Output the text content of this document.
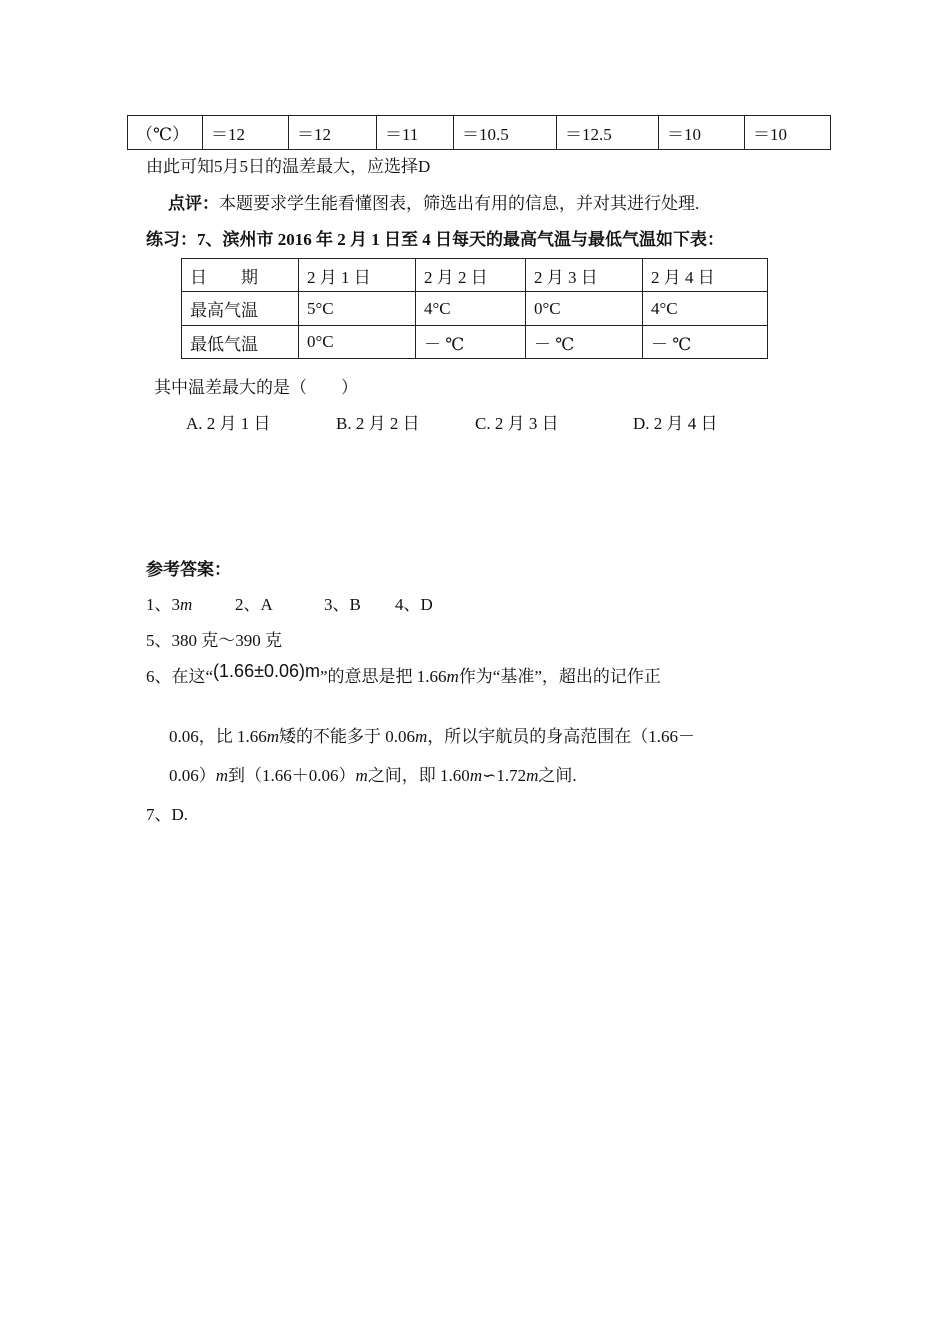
（℃）	＝12	＝12	＝11	＝10.5	＝12.5	＝10	＝10
由此可知5月5日的温差最大，应选择D
点评：本题要求学生能看懂图表，筛选出有用的信息，并对其进行处理.
练习：7、滨州市 2016 年 2 月 1 日至 4 日每天的最高气温与最低气温如下表：
日　　期	2 月 1 日	2 月 2 日	2 月 3 日	2 月 4 日
最高气温	5°C	4°C	0°C	4°C
最低气温	0°C	－ ℃	－ ℃	－ ℃
其中温差最大的是（　　）
A. 2 月 1 日	B. 2 月 2 日	C. 2 月 3 日	D. 2 月 4 日
参考答案：
1、3m	2、A	3、B 4、D
5、380 克～390 克
6、在这“(1.66±0.06)m”的意思是把 1.66m作为“基准”，超出的记作正
0.06，比 1.66m矮的不能多于 0.06m，所以宇航员的身高范围在（1.66－
0.06）m到（1.66＋0.06）m之间，即 1.60m∽1.72m之间.
7、D.
